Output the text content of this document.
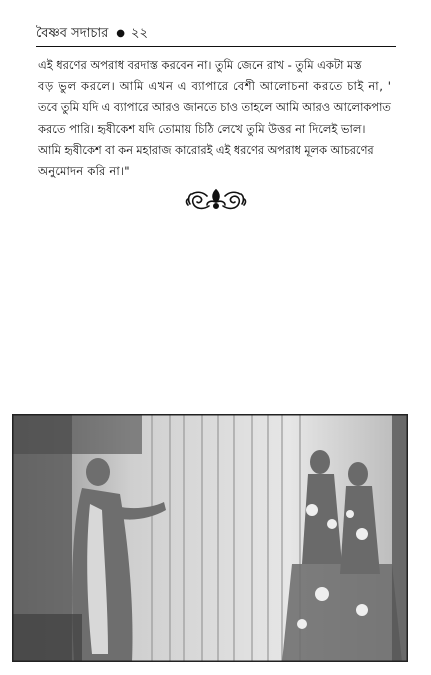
বৈষ্ণব সদাচার ● ২২
এই ধরণের অপরাধ বরদাস্ত করবেন না। তুমি জেনে রাখ - তুমি একটা মস্ত
বড় ভুল করলে। আমি এখন এ ব্যাপারে বেশী আলোচনা করতে চাই না, '
তবে তুমি যদি এ ব্যাপারে আরও জানতে চাও তাহলে আমি আরও আলোকপাত
করতে পারি। হৃষীকেশ যদি তোমায় চিঠি লেখে তুমি উত্তর না দিলেই ভাল।
আমি হৃষীকেশ বা কন মহারাজ কারোরই এই ধরণের অপরাধ মূলক আচরণের
অনুমোদন করি না।"
